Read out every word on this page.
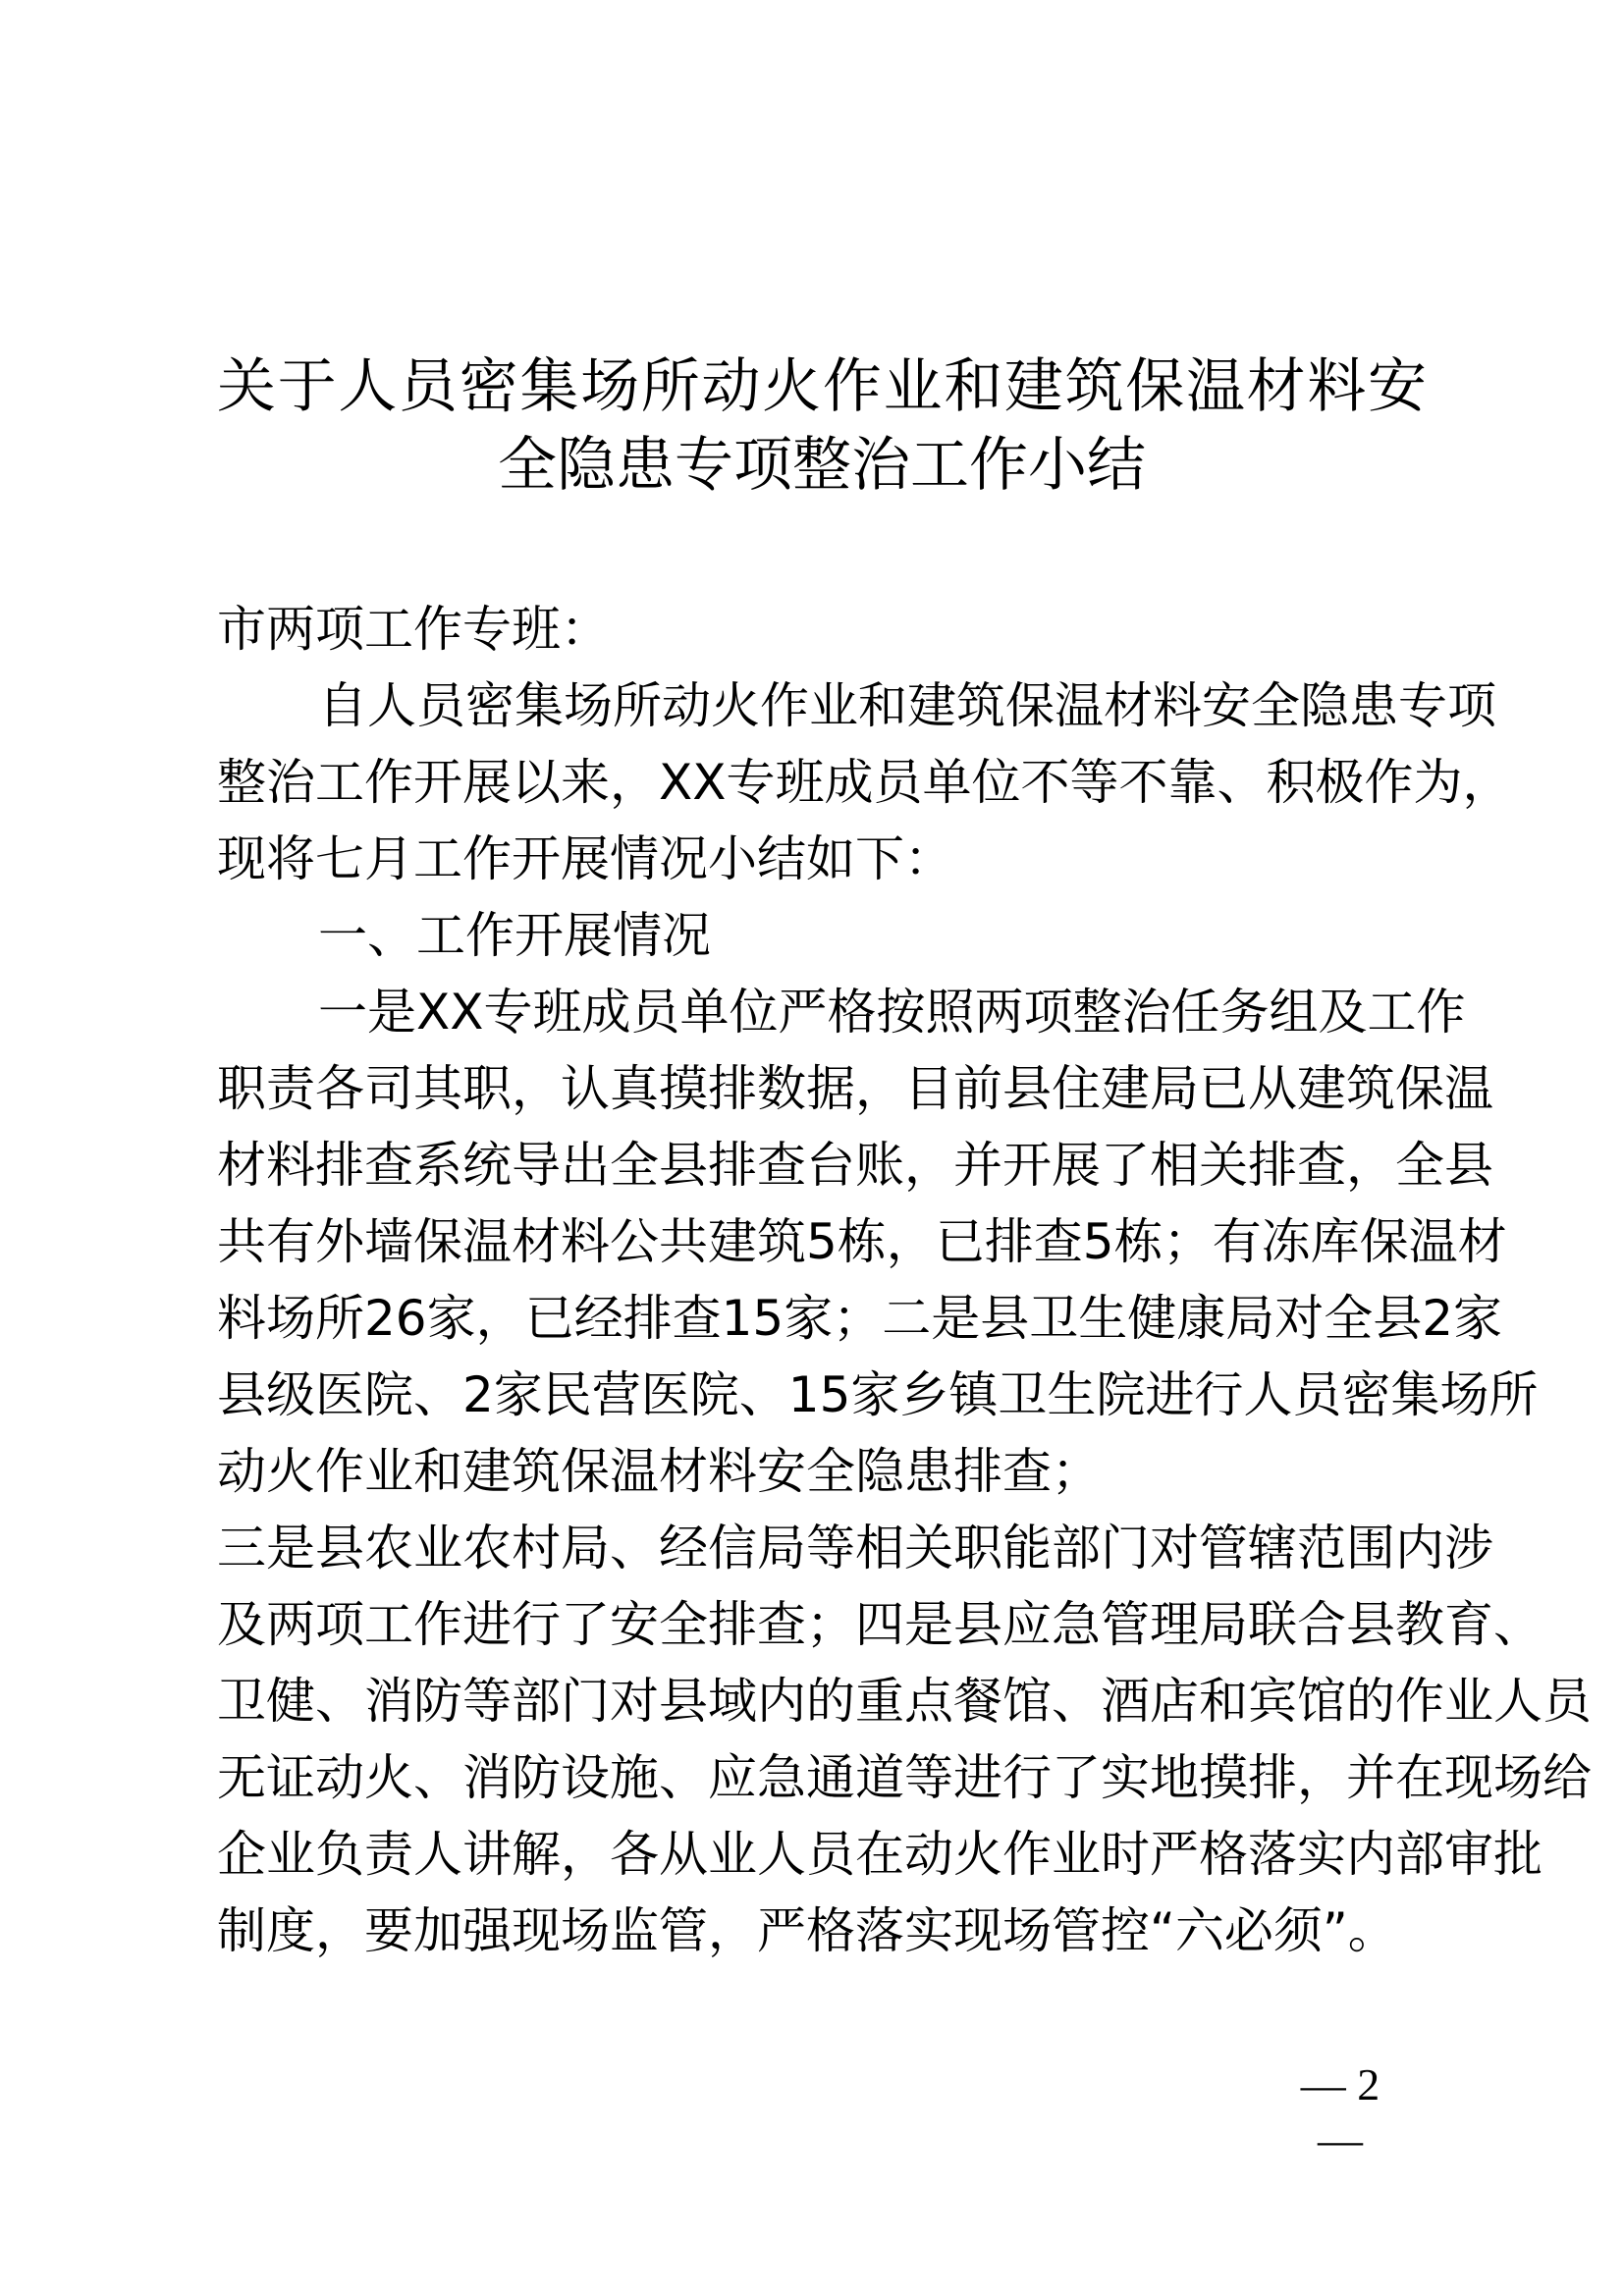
关于人员密集场所动火作业和建筑保温材料安
全隐患专项整治工作小结
市两项工作专班：
自人员密集场所动火作业和建筑保温材料安全隐患专项
整治工作开展以来，XX专班成员单位不等不靠、积极作为，
现将七月工作开展情况小结如下：
一、工作开展情况
一是XX专班成员单位严格按照两项整治任务组及工作
职责各司其职，认真摸排数据，目前县住建局已从建筑保温
材料排查系统导出全县排查台账，并开展了相关排查，全县
共有外墙保温材料公共建筑5栋，已排查5栋；有冻库保温材
料场所26家，已经排查15家；二是县卫生健康局对全县2家
县级医院、2家民营医院、15家乡镇卫生院进行人员密集场所
动火作业和建筑保温材料安全隐患排查；
三是县农业农村局、经信局等相关职能部门对管辖范围内涉
及两项工作进行了安全排查；四是县应急管理局联合县教育、
卫健、消防等部门对县域内的重点餐馆、酒店和宾馆的作业人员
无证动火、消防设施、应急通道等进行了实地摸排，并在现场给
企业负责人讲解，各从业人员在动火作业时严格落实内部审批
制度，要加强现场监管，严格落实现场管控“六必须”。
— 2 —
